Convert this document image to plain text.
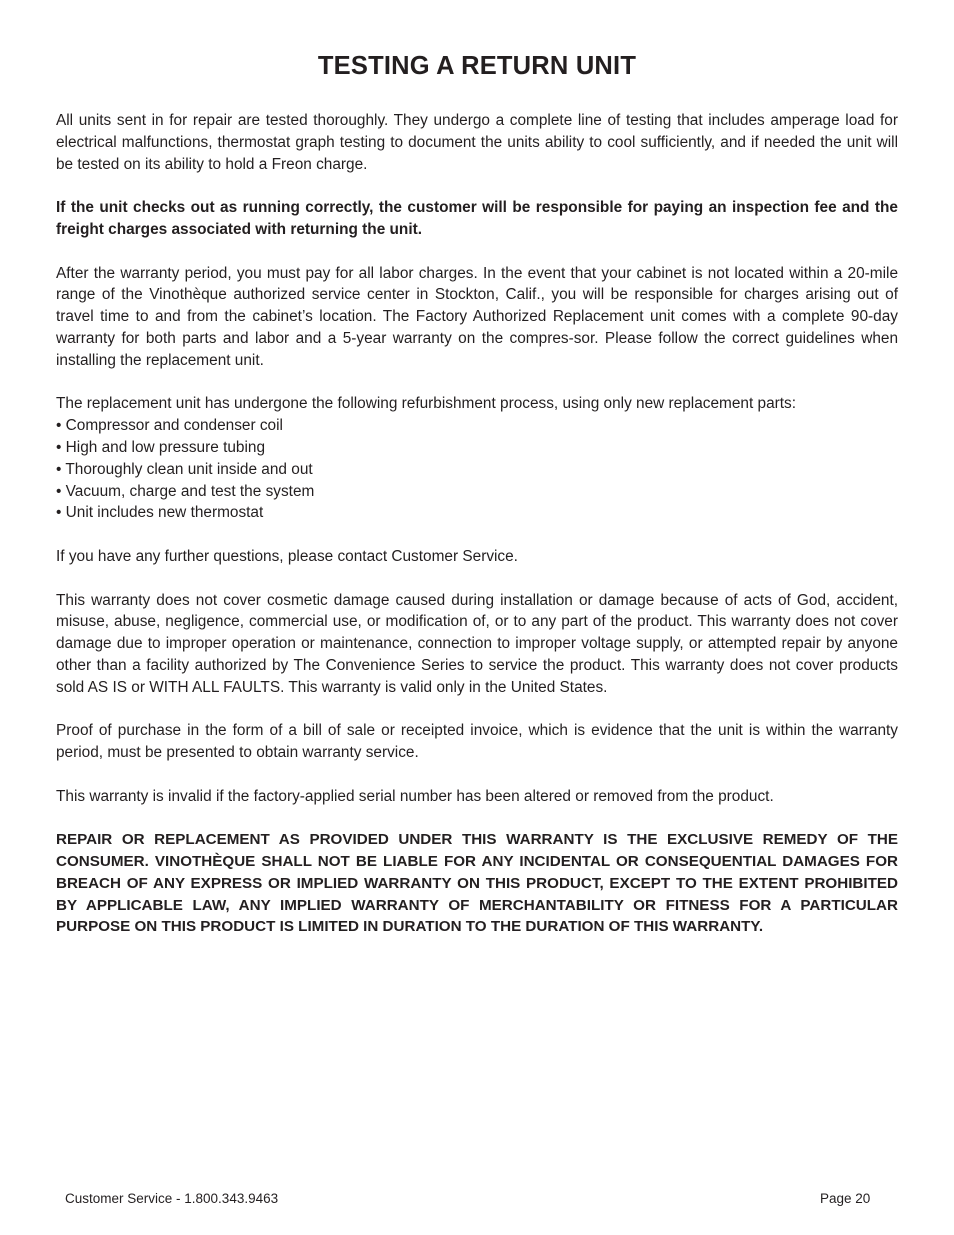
TESTING A RETURN UNIT

All units sent in for repair are tested thoroughly. They undergo a complete line of testing that includes amperage load for electrical malfunctions, thermostat graph testing to document the units ability to cool sufficiently, and if needed the unit will be tested on its ability to hold a Freon charge.

If the unit checks out as running correctly, the customer will be responsible for paying an inspection fee and the freight charges associated with returning the unit.

After the warranty period, you must pay for all labor charges. In the event that your cabinet is not located within a 20-mile range of the Vinothèque authorized service center in Stockton, Calif., you will be responsible for charges arising out of travel time to and from the cabinet’s location. The Factory Authorized Replacement unit comes with a complete 90-day warranty for both parts and labor and a 5-year warranty on the compres-sor. Please follow the correct guidelines when installing the replacement unit.

The replacement unit has undergone the following refurbishment process, using only new replacement parts:

• Compressor and condenser coil
• High and low pressure tubing
• Thoroughly clean unit inside and out
• Vacuum, charge and test the system
• Unit includes new thermostat

If you have any further questions, please contact Customer Service.

This warranty does not cover cosmetic damage caused during installation or damage because of acts of God, accident, misuse, abuse, negligence, commercial use, or modification of, or to any part of the product. This warranty does not cover damage due to improper operation or maintenance, connection to improper voltage supply, or attempted repair by anyone other than a facility authorized by The Convenience Series to service the product. This warranty does not cover products sold AS IS or WITH ALL FAULTS. This warranty is valid only in the United States.

Proof of purchase in the form of a bill of sale or receipted invoice, which is evidence that the unit is within the warranty period, must be presented to obtain warranty service.

This warranty is invalid if the factory-applied serial number has been altered or removed from the product.

REPAIR OR REPLACEMENT AS PROVIDED UNDER THIS WARRANTY IS THE EXCLUSIVE REMEDY OF THE CONSUMER. VINOTHÈQUE SHALL NOT BE LIABLE FOR ANY INCIDENTAL OR CONSEQUENTIAL DAMAGES FOR BREACH OF ANY EXPRESS OR IMPLIED WARRANTY ON THIS PRODUCT, EXCEPT TO THE EXTENT PROHIBITED BY APPLICABLE LAW, ANY IMPLIED WARRANTY OF MERCHANTABILITY OR FITNESS FOR A PARTICULAR PURPOSE ON THIS PRODUCT IS LIMITED IN DURATION TO THE DURATION OF THIS WARRANTY.

Customer Service - 1.800.343.9463	Page 20
